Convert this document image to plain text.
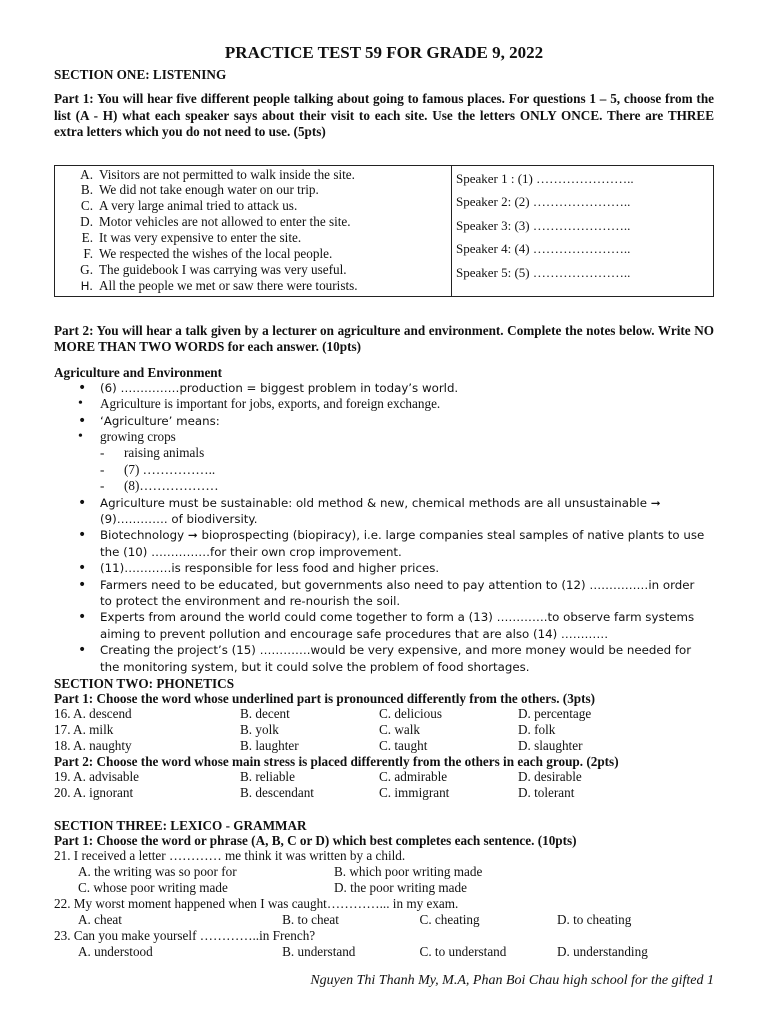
PRACTICE TEST 59 FOR GRADE 9, 2022

SECTION ONE: LISTENING

Part 1: You will hear five different people talking about going to famous places. For questions 1 – 5, choose from the list (A - H) what each speaker says about their visit to each site. Use the letters ONLY ONCE. There are THREE extra letters which you do not need to use. (5pts)

A. Visitors are not permitted to walk inside the site.
B. We did not take enough water on our trip.
C. A very large animal tried to attack us.
D. Motor vehicles are not allowed to enter the site.
E. It was very expensive to enter the site.
F. We respected the wishes of the local people.
G. The guidebook I was carrying was very useful.
H. All the people we met or saw there were tourists.

Speaker 1 : (1) …………………..
Speaker 2: (2) …………………..
Speaker 3: (3) …………………..
Speaker 4: (4) …………………..
Speaker 5: (5) …………………..

Part 2: You will hear a talk given by a lecturer on agriculture and environment. Complete the notes below. Write NO MORE THAN TWO WORDS for each answer. (10pts)

Agriculture and Environment

• (6) ……………production = biggest problem in today’s world.
• Agriculture is important for jobs, exports, and foreign exchange.
• ‘Agriculture’ means:
• growing crops
- raising animals
- (7) ……………..
- (8)………………
• Agriculture must be sustainable: old method & new, chemical methods are all unsustainable ➞
(9)…………. of biodiversity.
• Biotechnology ➞ bioprospecting (biopiracy), i.e. large companies steal samples of native plants to use
the (10) ……………for their own crop improvement.
• (11)…………is responsible for less food and higher prices.
• Farmers need to be educated, but governments also need to pay attention to (12) ……………in order
to protect the environment and re-nourish the soil.
• Experts from around the world could come together to form a (13) ………….to observe farm systems
aiming to prevent pollution and encourage safe procedures that are also (14) …………
• Creating the project’s (15) ………….would be very expensive, and more money would be needed for
the monitoring system, but it could solve the problem of food shortages.

SECTION TWO: PHONETICS

Part 1: Choose the word whose underlined part is pronounced differently from the others. (3pts)

16. A. descend	B. decent	C. delicious	D. percentage
17. A. milk	B. yolk	C. walk	D. folk
18. A. naughty	B. laughter	C. taught	D. slaughter

Part 2: Choose the word whose main stress is placed differently from the others in each group. (2pts)

19. A. advisable	B. reliable	C. admirable	D. desirable
20. A. ignorant	B. descendant	C. immigrant	D. tolerant

SECTION THREE: LEXICO - GRAMMAR

Part 1: Choose the word or phrase (A, B, C or D) which best completes each sentence. (10pts)

21. I received a letter ………… me think it was written by a child.
A. the writing was so poor for	B. which poor writing made
C. whose poor writing made	D. the poor writing made
22. My worst moment happened when I was caught…………... in my exam.
A. cheat	B. to cheat	C. cheating	D. to cheating
23. Can you make yourself …………..in French?
A. understood	B. understand	C. to understand	D. understanding
Nguyen Thi Thanh My, M.A, Phan Boi Chau high school for the gifted 1
